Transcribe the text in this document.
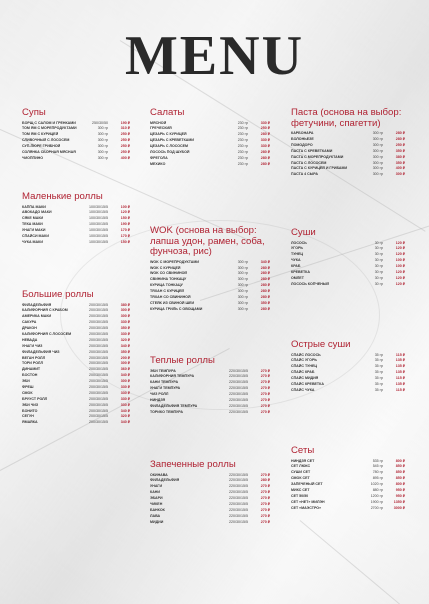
MENU
Супы
БОРЩ С САЛОМ И ГРЕНКАМИ	250/30/50	190 ₽
ТОМ ЯМ С МОРЕПРОДУКТАМИ	300 гр	310 ₽
ТОМ ЯМ С КУРИЦЕЙ	300 гр	250 ₽
СЛИВОЧНЫЙ С ЛОСОСЕМ	300 гр	250 ₽
СУП-ПЮРЕ ГРИБНОЙ	300 гр	250 ₽
СОЛЯНКА СБОРНАЯ МЯСНАЯ	300 гр	250 ₽
ЧИОППИНО	300 гр	400 ₽
Маленькие роллы
КАППА МАКИ	100/30/15/5	100 ₽
АВОКАДО МАКИ	100/30/15/5	120 ₽
СЯКЕ МАКИ	100/30/15/5	150 ₽
ТЕКА МАКИ	100/30/15/5	190 ₽
УНАГИ МАКИ	100/30/15/5	170 ₽
СПАЙСИ МАКИ	100/30/15/5	170 ₽
ЧУКА МАКИ	100/30/15/5	150 ₽
Большие роллы
ФИЛАДЕЛЬФИЯ	200/30/15/5	380 ₽
КАЛИФОРНИЯ С КРАБОМ	200/30/15/5	300 ₽
АМЕРИКА МАКИ	200/30/15/5	300 ₽
САКУРА	200/30/15/5	330 ₽
ДРАКОН	200/30/15/5	350 ₽
КАЛИФОРНИЯ С ЛОСОСЕМ	200/30/15/5	330 ₽
НЕВАДА	200/30/15/5	320 ₽
УНАГИ ЧИЗ	200/30/15/5	340 ₽
ФИЛАДЕЛЬФИЯ ЧИЗ	200/30/15/5	350 ₽
ВЕГАН РОЛЛ	200/30/15/5	200 ₽
ТОРИ РОЛЛ	200/30/15/5	300 ₽
ДИНАМИТ	200/30/15/5	360 ₽
БОСТОН	200/30/15/5	340 ₽
ЭБИ	200/30/15/5	300 ₽
ФРЕШ	200/30/15/5	330 ₽
СМОК	200/30/15/5	330 ₽
БРУУСТ РОЛЛ	200/30/15/5	330 ₽
ЭБИ ЧИЗ	200/30/15/5	330 ₽
БОНИТО	200/30/15/5	340 ₽
СЕГУН	200/30/15/5	320 ₽
ЯМАЙКА	200/30/15/5	340 ₽
Салаты
МЯСНОЙ	230 гр	330 ₽
ГРЕЧЕСКИЙ	230 гр	250 ₽
ЦЕЗАРЬ С КУРИЦЕЙ	230 гр	280 ₽
ЦЕЗАРЬ С КРЕВЕТКАМИ	230 гр	330 ₽
ЦЕЗАРЬ С ЛОСОСЕМ	230 гр	330 ₽
ЛОСОСЬ ПОД ШУБОЙ	230 гр	280 ₽
ФРЕГОЛА	230 гр	280 ₽
МЕХИКО	230 гр	280 ₽
WOK (основа на выбор: лапша удон, рамен, соба, фунчоза, рис)
WOK С МОРЕПРОДУКТАМИ	300 гр	340 ₽
WOK С КУРИЦЕЙ	300 гр	280 ₽
WOK СО СВИНИНОЙ	300 гр	280 ₽
СВИНИНА ТОНКАЦУ	300 гр	280 ₽
КУРИЦА ТОНКАЦУ	300 гр	280 ₽
ТЯХАН С КУРИЦЕЙ	300 гр	280 ₽
ТЯХАН СО СВИНИНОЙ	300 гр	280 ₽
СТЕЙК ИЗ СВИНОЙ ШЕИ	300 гр	350 ₽
КУРИЦА ГРИЛЬ С ОВОЩАМИ	300 гр	280 ₽
Теплые роллы
ЭБИ ТЕМПУРА	220/30/15/5	270 ₽
КАЛИФОРНИЯ ТЕМПУРА	220/30/15/5	270 ₽
КАНИ ТЕМПУРА	220/30/15/5	270 ₽
УНАГИ ТЕМПУРА	220/30/15/5	270 ₽
ЧИЗ РОЛЛ	220/30/15/5	270 ₽
НИНДЗЯ	220/30/15/5	270 ₽
ФИЛАДЕЛЬФИЯ ТЕМПУРА	220/30/15/5	270 ₽
ТОРИКО ТЕМПУРА	220/30/15/5	270 ₽
Запеченные роллы
ОКИНАВА	220/30/15/5	270 ₽
ФИЛАДЕЛЬФИЯ	220/30/15/5	280 ₽
УНАГИ	220/30/15/5	270 ₽
КАНИ	220/30/15/5	270 ₽
ЭБАРИ	220/30/15/5	270 ₽
ЧИКЕН	220/30/15/5	270 ₽
БАНКОК	220/30/15/5	270 ₽
ЛАВА	220/30/15/5	270 ₽
МИДИИ	220/30/15/5	270 ₽
Паста (основа на выбор: фетучини, спагетти)
КАРБОНАРА	300 гр	280 ₽
БОЛОНЬЕЗЕ	300 гр	280 ₽
ПОМОДОРО	300 гр	250 ₽
ПАСТА С КРЕВЕТКАМИ	300 гр	350 ₽
ПАСТА С МОРЕПРОДУКТАМИ	300 гр	380 ₽
ПАСТА С ЛОСОСЕМ	300 гр	350 ₽
ПАСТА С КУРИЦЕЙ И ГРИБАМИ	300 гр	400 ₽
ПАСТА 4 СЫРА	300 гр	300 ₽
Суши
ЛОСОСЬ	30 гр	120 ₽
УГОРЬ	30 гр	120 ₽
ТУНЕЦ	30 гр	120 ₽
ЧУКА	30 гр	100 ₽
КРАБ	30 гр	100 ₽
КРЕВЕТКА	30 гр	120 ₽
ОМЛЕТ	30 гр	120 ₽
ЛОСОСЬ КОПЧЕНЫЙ	30 гр	120 ₽
Острые суши
СПАЙС ЛОСОСЬ	35 гр	115 ₽
СПАЙС УГОРЬ	35 гр	135 ₽
СПАЙС ТУНЕЦ	35 гр	135 ₽
СПАЙС КРАБ	35 гр	135 ₽
СПАЙС МИДИЯ	35 гр	115 ₽
СПАЙС КРЕВЕТКА	35 гр	135 ₽
СПАЙС ЧУКА	35 гр	115 ₽
Сеты
НИНДЗЯ СЕТ	535 гр	800 ₽
СЕТ ЛЮКС	545 гр	850 ₽
СУШИ СЕТ	780 гр	850 ₽
СМОК СЕТ	895 гр	850 ₽
ЗАПЕЧЕНЫЙ СЕТ	1020 гр	800 ₽
МИКС СЕТ	880 гр	950 ₽
СЕТ 50/50	1200 гр	950 ₽
СЕТ «НЕТ» МИЛЭН	1900 гр	1350 ₽
СЕТ «МАЭСТРО»	2700 гр	3000 ₽
